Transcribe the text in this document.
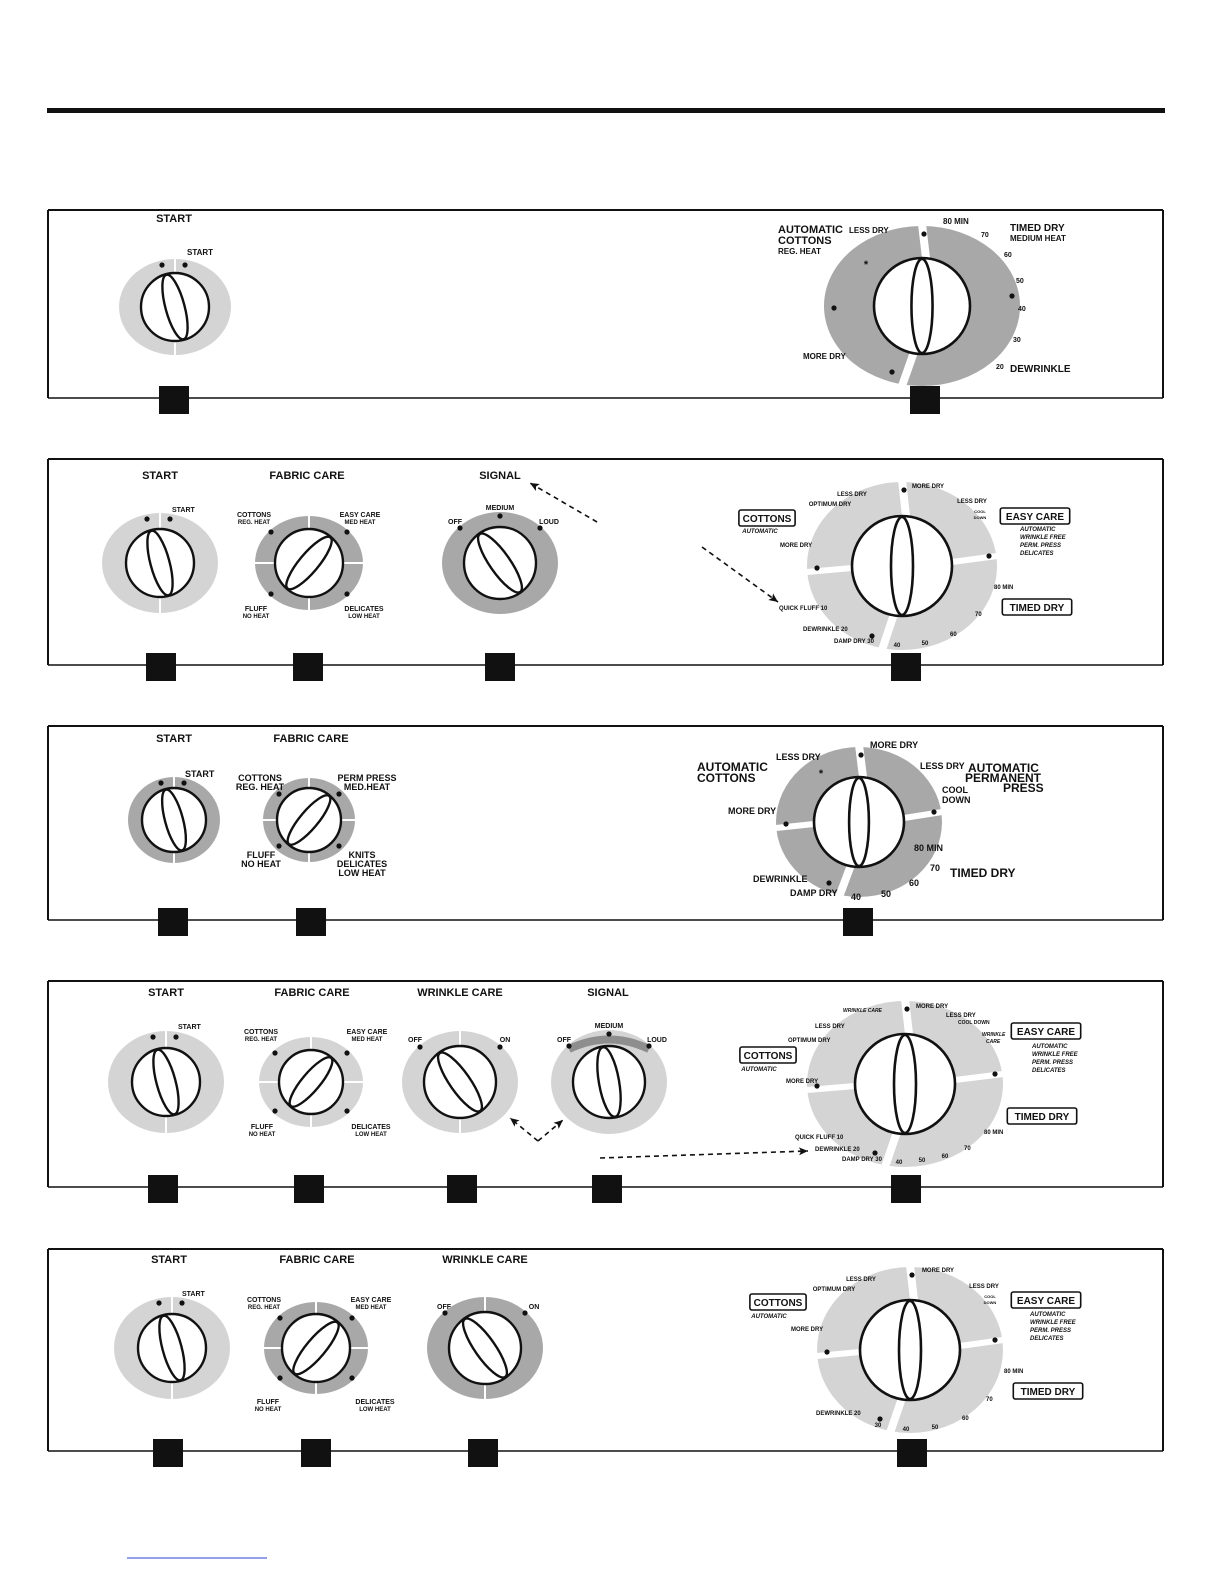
START
START
AUTOMATIC
COTTONS
REG. HEAT
LESS DRY
80 MIN
TIMED DRY
MEDIUM HEAT
70
60
50
40
30
20 DEWRINKLE
MORE DRY
*
START
START
FABRIC CARE
COTTONS
REG. HEAT
EASY CARE
MED HEAT
FLUFF
NO HEAT
DELICATES
LOW HEAT
SIGNAL
OFF
MEDIUM
LOUD
LESS DRY
MORE DRY
OPTIMUM DRY	LESS DRY
COOL
DOWN
COTTONS
AUTOMATIC
EASY CARE
AUTOMATIC
WRINKLE FREE
PERM. PRESS
DELICATES
MORE DRY
80 MIN
QUICK FLUFF 10	TIMED DRY
70
DEWRINKLE 20
60
DAMP DRY 30
40	50
START
START
FABRIC CARE
COTTONS
REG. HEAT
PERM PRESS
MED.HEAT
FLUFF
NO HEAT
KNITS
DELICATES
LOW HEAT
LESS DRY
MORE DRY
LESS DRY
AUTOMATIC
COTTONS
AUTOMATIC
PERMANENT
PRESS
MORE DRY
COOL
DOWN
80 MIN
70 TIMED DRY
DEWRINKLE	60
DAMP DRY 40 50
*
START
START
FABRIC CARE
COTTONS
REG. HEAT
EASY CARE
MED HEAT
FLUFF
NO HEAT
DELICATES
LOW HEAT
WRINKLE CARE
OFF	ON
SIGNAL
OFF
MEDIUM
LOUD
WRINKLE CARE
MORE DRY
LESS DRY
COOL DOWN
LESS DRY
WRINKLE
CARE
OPTIMUM DRY
EASY CARE
AUTOMATIC
WRINKLE FREE
PERM. PRESS
DELICATES
COTTONS
AUTOMATIC
MORE DRY
TIMED DRY
QUICK FLUFF 10
80 MIN
DEWRINKLE 20	70
DAMP DRY 30 40	50
60
START
START
FABRIC CARE
COTTONS
REG. HEAT
EASY CARE
MED HEAT
FLUFF
NO HEAT
DELICATES
LOW HEAT
WRINKLE CARE
OFF	ON
LESS DRY
MORE DRY
OPTIMUM DRY	LESS DRY
COOL
DOWN
COTTONS
AUTOMATIC
EASY CARE
AUTOMATIC
WRINKLE FREE
PERM. PRESS
DELICATES
MORE DRY
80 MIN
TIMED DRY
70
DEWRINKLE 20
60
30
40	50
